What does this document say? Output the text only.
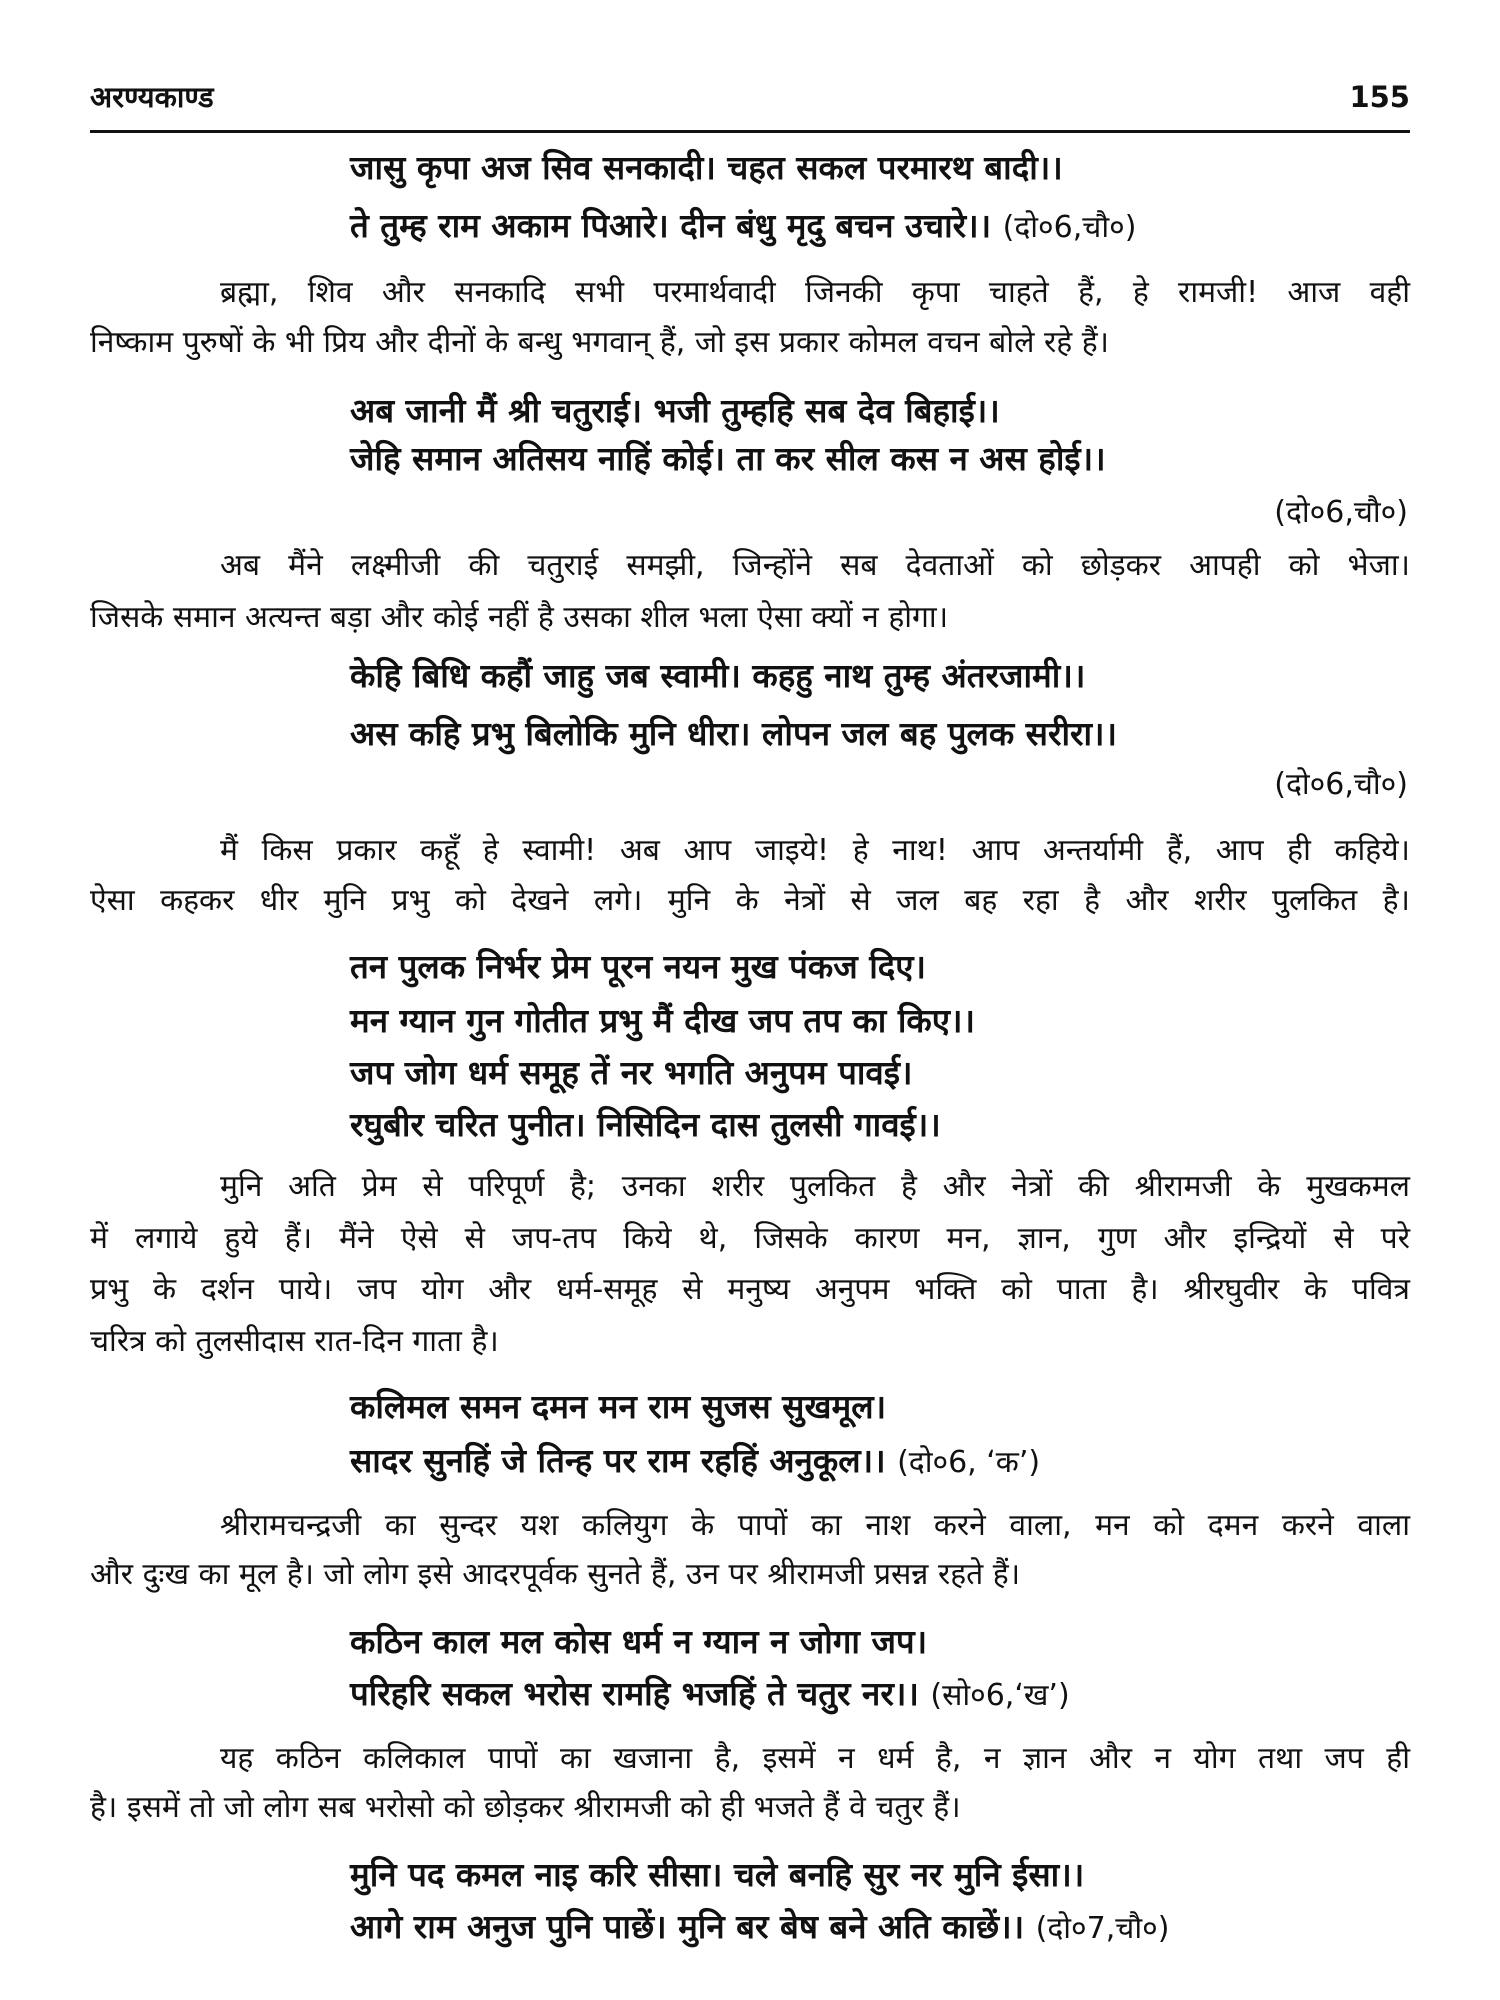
अरण्यकाण्ड	155
जासु कृपा अज सिव सनकादी। चहत सकल परमारथ बादी।।
ते तुम्ह राम अकाम पिआरे। दीन बंधु मृदु बचन उचारे।। (दो०6,चौ०)
ब्रह्मा, शिव और सनकादि सभी परमार्थवादी जिनकी कृपा चाहते हैं, हे रामजी! आज वही
निष्काम पुरुषों के भी प्रिय और दीनों के बन्धु भगवान् हैं, जो इस प्रकार कोमल वचन बोले रहे हैं।
अब जानी मैं श्री चतुराई। भजी तुम्हहि सब देव बिहाई।।
जेहि समान अतिसय नाहिं कोई। ता कर सील कस न अस होई।।
(दो०6,चौ०)
अब मैंने लक्ष्मीजी की चतुराई समझी, जिन्होंने सब देवताओं को छोड़कर आपही को भेजा।
जिसके समान अत्यन्त बड़ा और कोई नहीं है उसका शील भला ऐसा क्यों न होगा।
केहि बिधि कहौं जाहु जब स्वामी। कहहु नाथ तुम्ह अंतरजामी।।
अस कहि प्रभु बिलोकि मुनि धीरा। लोपन जल बह पुलक सरीरा।।
(दो०6,चौ०)
मैं किस प्रकार कहूँ हे स्वामी! अब आप जाइये! हे नाथ! आप अन्तर्यामी हैं, आप ही कहिये।
ऐसा कहकर धीर मुनि प्रभु को देखने लगे। मुनि के नेत्रों से जल बह रहा है और शरीर पुलकित है।
तन पुलक निर्भर प्रेम पूरन नयन मुख पंकज दिए।
मन ग्यान गुन गोतीत प्रभु मैं दीख जप तप का किए।।
जप जोग धर्म समूह तें नर भगति अनुपम पावई।
रघुबीर चरित पुनीत। निसिदिन दास तुलसी गावई।।
मुनि अति प्रेम से परिपूर्ण है; उनका शरीर पुलकित है और नेत्रों की श्रीरामजी के मुखकमल
में लगाये हुये हैं। मैंने ऐसे से जप-तप किये थे, जिसके कारण मन, ज्ञान, गुण और इन्द्रियों से परे
प्रभु के दर्शन पाये। जप योग और धर्म-समूह से मनुष्य अनुपम भक्ति को पाता है। श्रीरघुवीर के पवित्र
चरित्र को तुलसीदास रात-दिन गाता है।
कलिमल समन दमन मन राम सुजस सुखमूल।
सादर सुनहिं जे तिन्ह पर राम रहहिं अनुकूल।। (दो०6, ‘क’)
श्रीरामचन्द्रजी का सुन्दर यश कलियुग के पापों का नाश करने वाला, मन को दमन करने वाला
और दुःख का मूल है। जो लोग इसे आदरपूर्वक सुनते हैं, उन पर श्रीरामजी प्रसन्न रहते हैं।
कठिन काल मल कोस धर्म न ग्यान न जोगा जप।
परिहरि सकल भरोस रामहि भजहिं ते चतुर नर।। (सो०6,‘ख’)
यह कठिन कलिकाल पापों का खजाना है, इसमें न धर्म है, न ज्ञान और न योग तथा जप ही
है। इसमें तो जो लोग सब भरोसो को छोड़कर श्रीरामजी को ही भजते हैं वे चतुर हैं।
मुनि पद कमल नाइ करि सीसा। चले बनहि सुर नर मुनि ईसा।।
आगे राम अनुज पुनि पाछें। मुनि बर बेष बने अति काछें।। (दो०7,चौ०)
